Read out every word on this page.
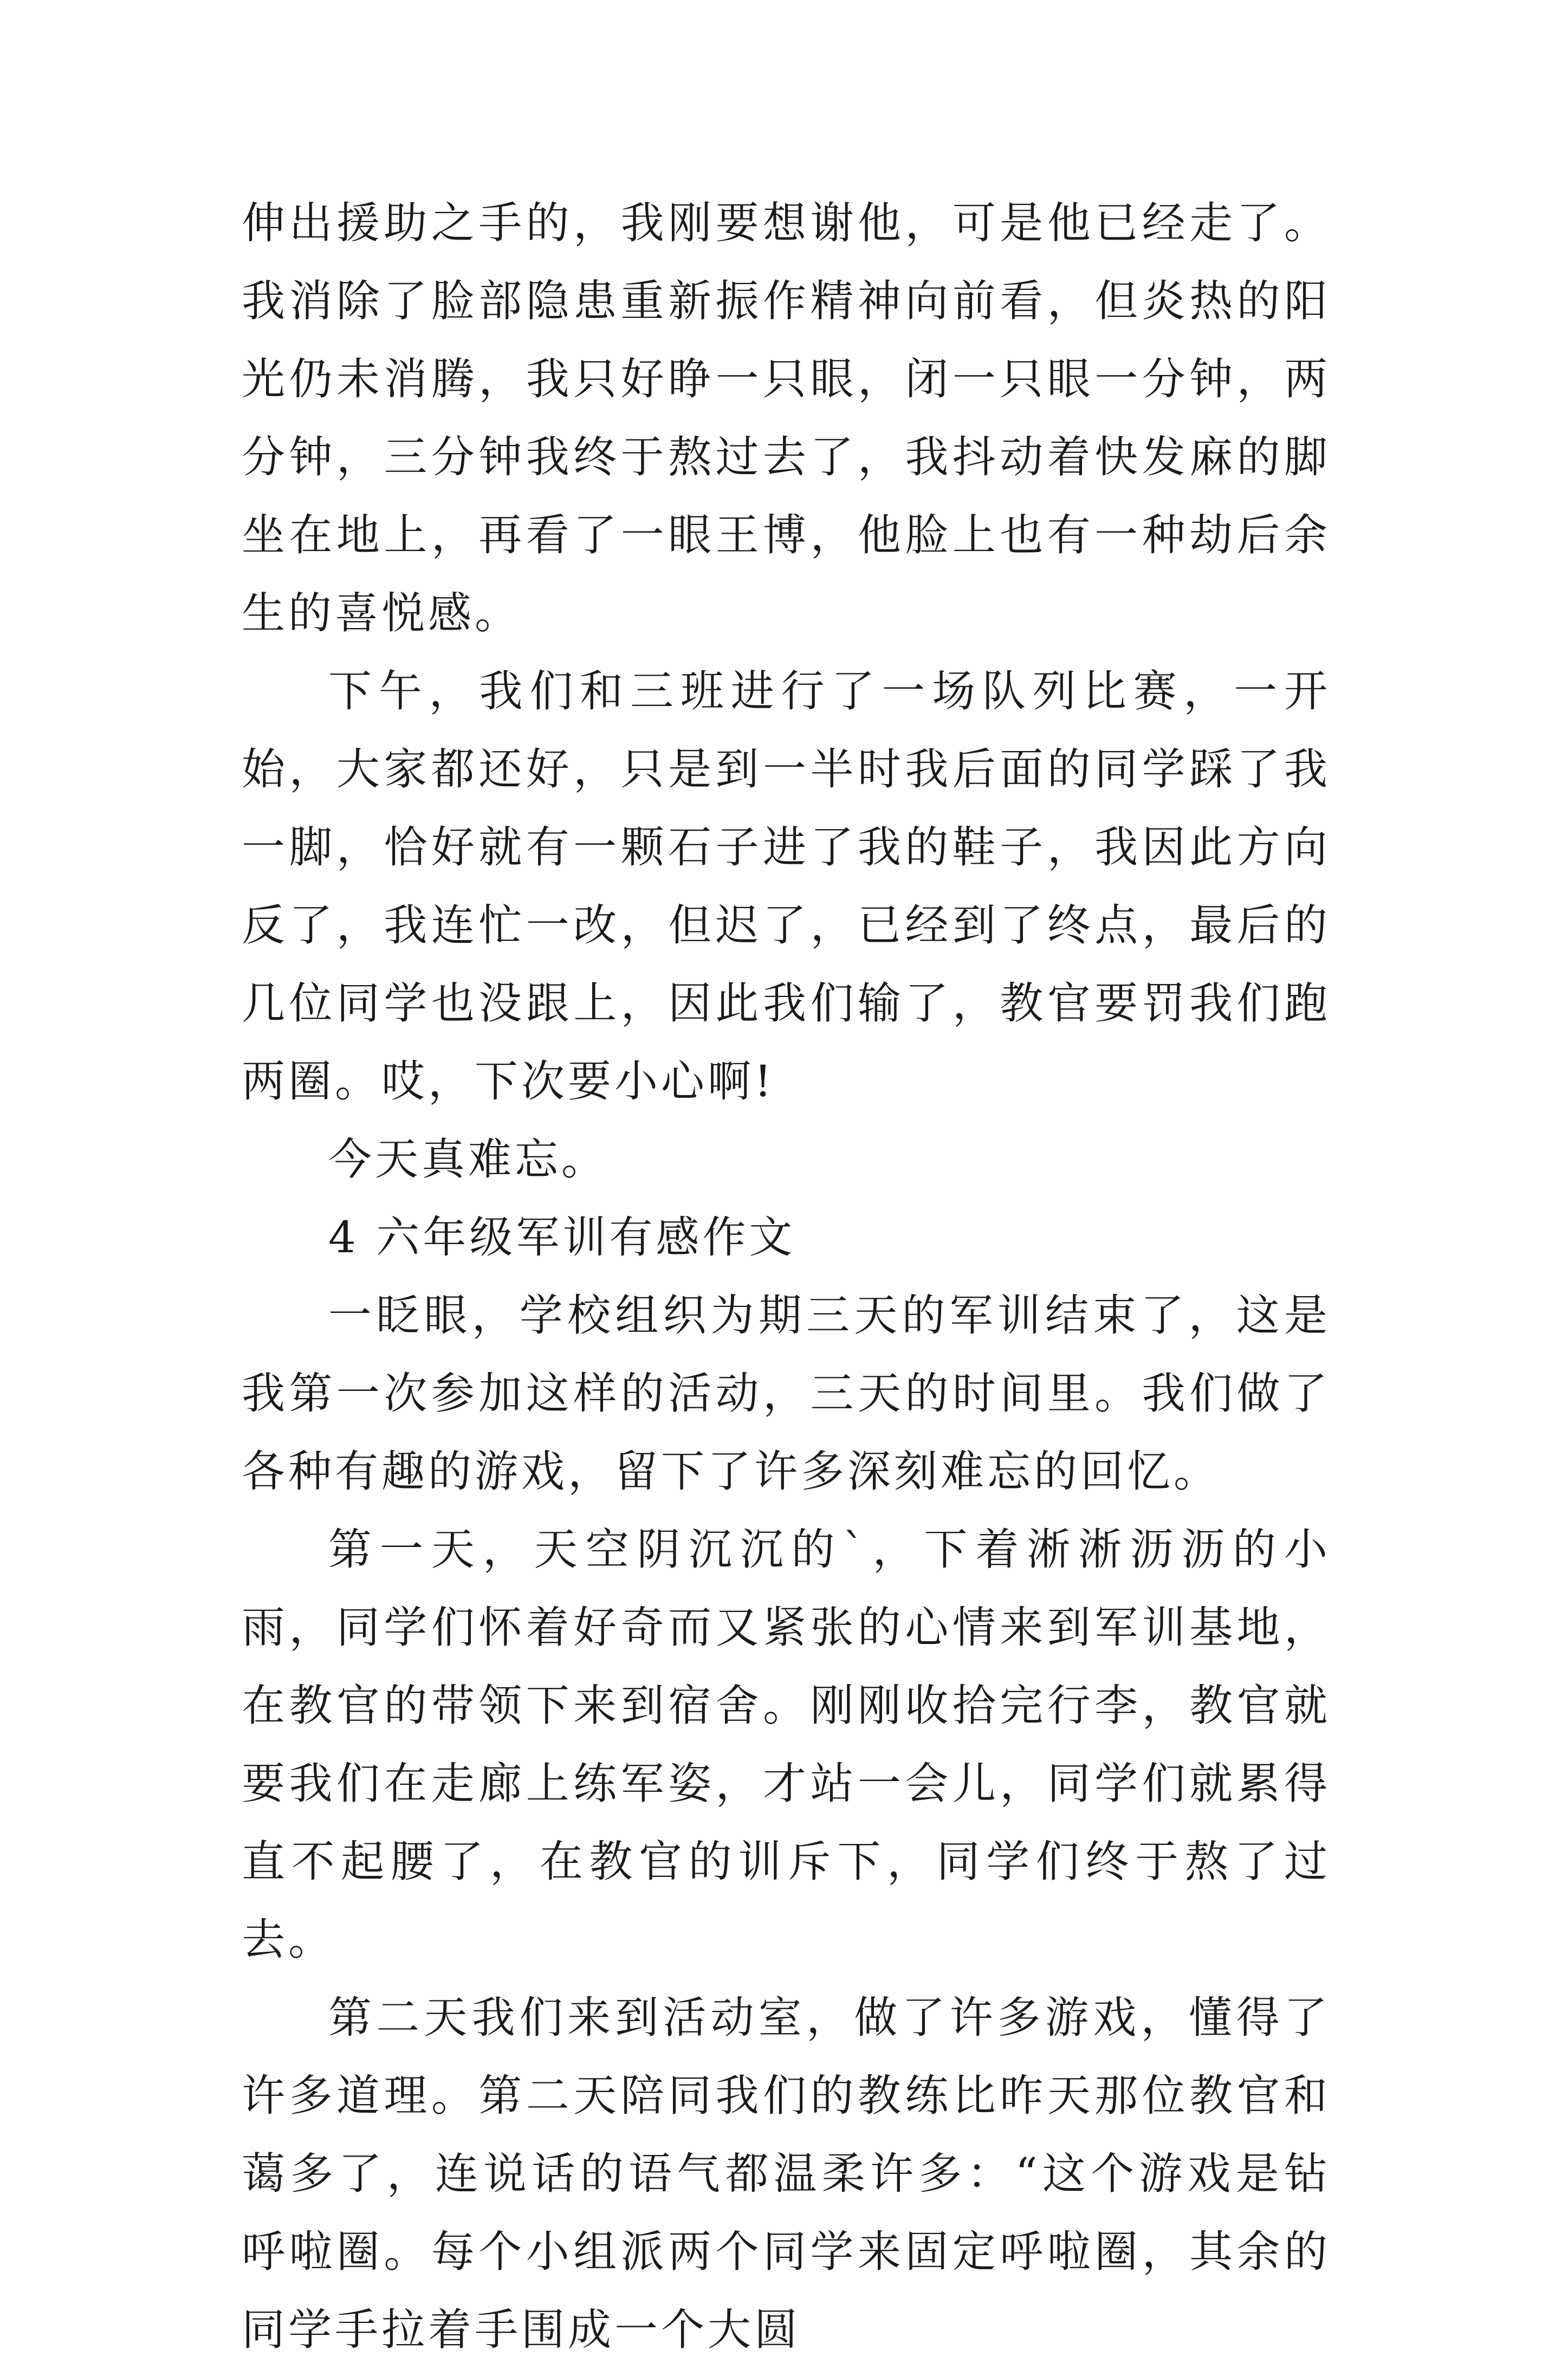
伸出援助之手的，我刚要想谢他，可是他已经走了。我消除了脸部隐患重新振作精神向前看，但炎热的阳光仍未消腾，我只好睁一只眼，闭一只眼一分钟，两分钟，三分钟我终于熬过去了，我抖动着快发麻的脚坐在地上，再看了一眼王博，他脸上也有一种劫后余生的喜悦感。

下午，我们和三班进行了一场队列比赛，一开始，大家都还好，只是到一半时我后面的同学踩了我一脚，恰好就有一颗石子进了我的鞋子，我因此方向反了，我连忙一改，但迟了，已经到了终点，最后的几位同学也没跟上，因此我们输了，教官要罚我们跑两圈。哎，下次要小心啊!

今天真难忘。

4 六年级军训有感作文

一眨眼，学校组织为期三天的军训结束了，这是我第一次参加这样的活动，三天的时间里。我们做了各种有趣的游戏，留下了许多深刻难忘的回忆。

第一天，天空阴沉沉的`，下着淅淅沥沥的小雨，同学们怀着好奇而又紧张的心情来到军训基地，在教官的带领下来到宿舍。刚刚收拾完行李，教官就要我们在走廊上练军姿，才站一会儿，同学们就累得直不起腰了，在教官的训斥下，同学们终于熬了过去。

第二天我们来到活动室，做了许多游戏，懂得了许多道理。第二天陪同我们的教练比昨天那位教官和蔼多了，连说话的语气都温柔许多：“这个游戏是钻呼啦圈。每个小组派两个同学来固定呼啦圈，其余的同学手拉着手围成一个大圆
